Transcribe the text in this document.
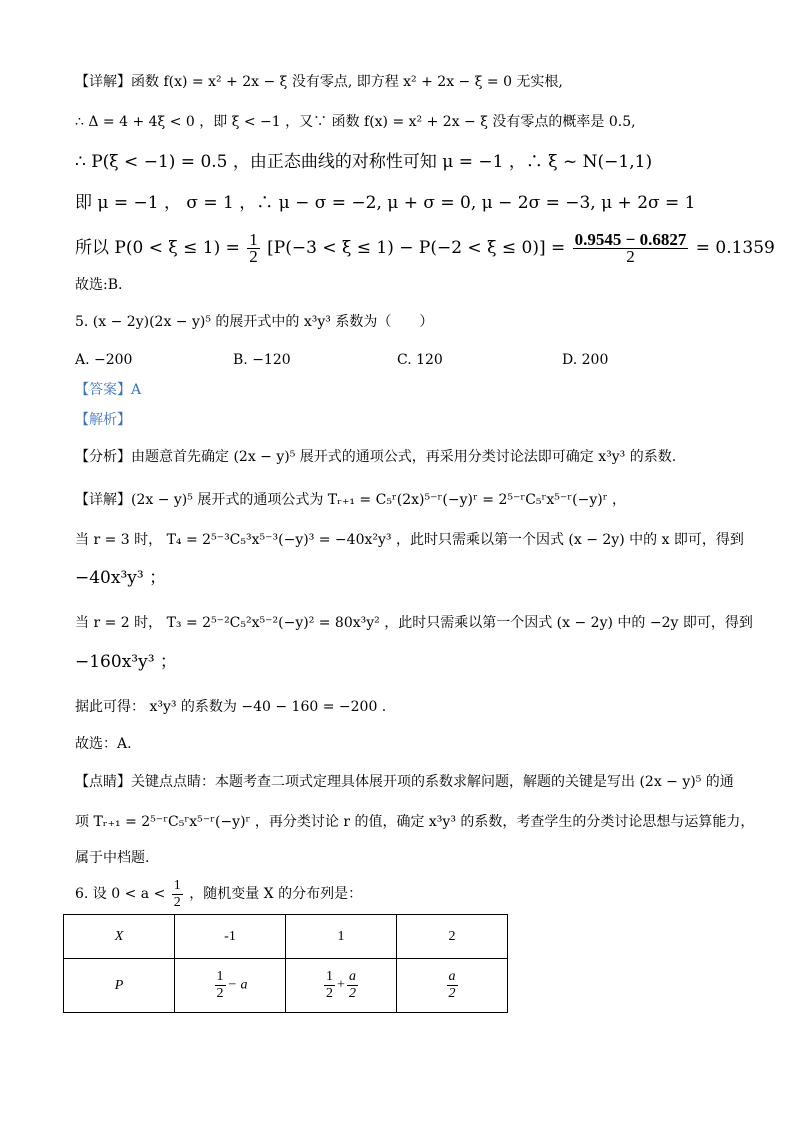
【详解】函数 f(x) = x² + 2x − ξ 没有零点, 即方程 x² + 2x − ξ = 0 无实根,
∴ Δ = 4 + 4ξ < 0 ，即 ξ < −1 ，又∵ 函数 f(x) = x² + 2x − ξ 没有零点的概率是 0.5,
∴ P(ξ < −1) = 0.5 ，由正态曲线的对称性可知 μ = −1 ，∴ ξ ~ N(−1,1)
即 μ = −1 ， σ = 1 ，∴ μ − σ = −2, μ + σ = 0, μ − 2σ = −3, μ + 2σ = 1
所以 $P(0 < \xi \le 1) = \frac{1}{2} [P(-3 < \xi \le 1) - P(-2 < \xi \le 0)] = \frac{0.9545 - 0.6827}{2} = 0.1359$
故选:B.
5. (x − 2y)(2x − y)⁵ 的展开式中的 x³y³ 系数为（　　）
A. −200	B. −120	C. 120	D. 200
【答案】A
【解析】
【分析】由题意首先确定 (2x − y)⁵ 展开式的通项公式，再采用分类讨论法即可确定 x³y³ 的系数.
【详解】(2x − y)⁵ 展开式的通项公式为 Tᵣ₊₁ = C₅ʳ(2x)⁵⁻ʳ(−y)ʳ = 2⁵⁻ʳC₅ʳx⁵⁻ʳ(−y)ʳ ，
当 r = 3 时， T₄ = 2⁵⁻³C₅³x⁵⁻³(−y)³ = −40x²y³ ，此时只需乘以第一个因式 (x − 2y) 中的 x 即可，得到
−40x³y³ ；
当 r = 2 时， T₃ = 2⁵⁻²C₅²x⁵⁻²(−y)² = 80x³y² ，此时只需乘以第一个因式 (x − 2y) 中的 −2y 即可，得到
−160x³y³ ；
据此可得： x³y³ 的系数为 −40 − 160 = −200 .
故选：A.
【点睛】关键点点睛：本题考查二项式定理具体展开项的系数求解问题，解题的关键是写出 (2x − y)⁵ 的通
项 Tᵣ₊₁ = 2⁵⁻ʳC₅ʳx⁵⁻ʳ(−y)ʳ ，再分类讨论 r 的值，确定 x³y³ 的系数，考查学生的分类讨论思想与运算能力，
属于中档题.
6. 设 $0 < a < \frac{1}{2}$ ，随机变量 X 的分布列是：
X	-1	1	2
P	$\frac{1}{2} - a$	$\frac{1}{2} + \frac{a}{2}$	$\frac{a}{2}$
